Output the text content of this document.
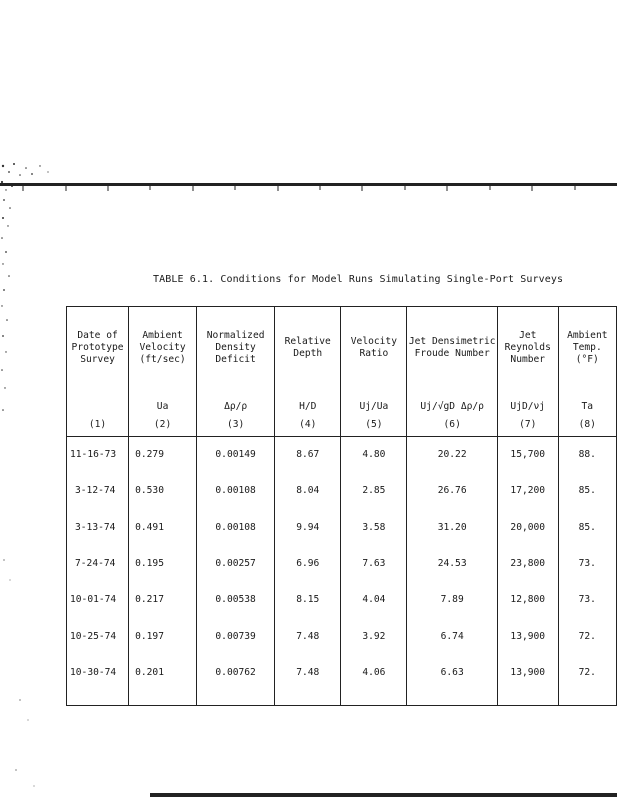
TABLE 6.1. Conditions for Model Runs Simulating Single-Port Surveys
Date of Prototype Survey	Ambient Velocity (ft/sec)	Normalized Density Deficit	Relative Depth	Velocity Ratio	Jet Densimetric Froude Number	Jet Reynolds Number	Ambient Temp. (°F)
	Ua	Δρ/ρ	H/D	Uj/Ua	Uj/√gD Δρ/ρ	UjD/νj	Ta
(1)	(2)	(3)	(4)	(5)	(6)	(7)	(8)
11-16-73	0.279	0.00149	8.67	4.80	20.22	15,700	88.
3-12-74	0.530	0.00108	8.04	2.85	26.76	17,200	85.
3-13-74	0.491	0.00108	9.94	3.58	31.20	20,000	85.
7-24-74	0.195	0.00257	6.96	7.63	24.53	23,800	73.
10-01-74	0.217	0.00538	8.15	4.04	7.89	12,800	73.
10-25-74	0.197	0.00739	7.48	3.92	6.74	13,900	72.
10-30-74	0.201	0.00762	7.48	4.06	6.63	13,900	72.
